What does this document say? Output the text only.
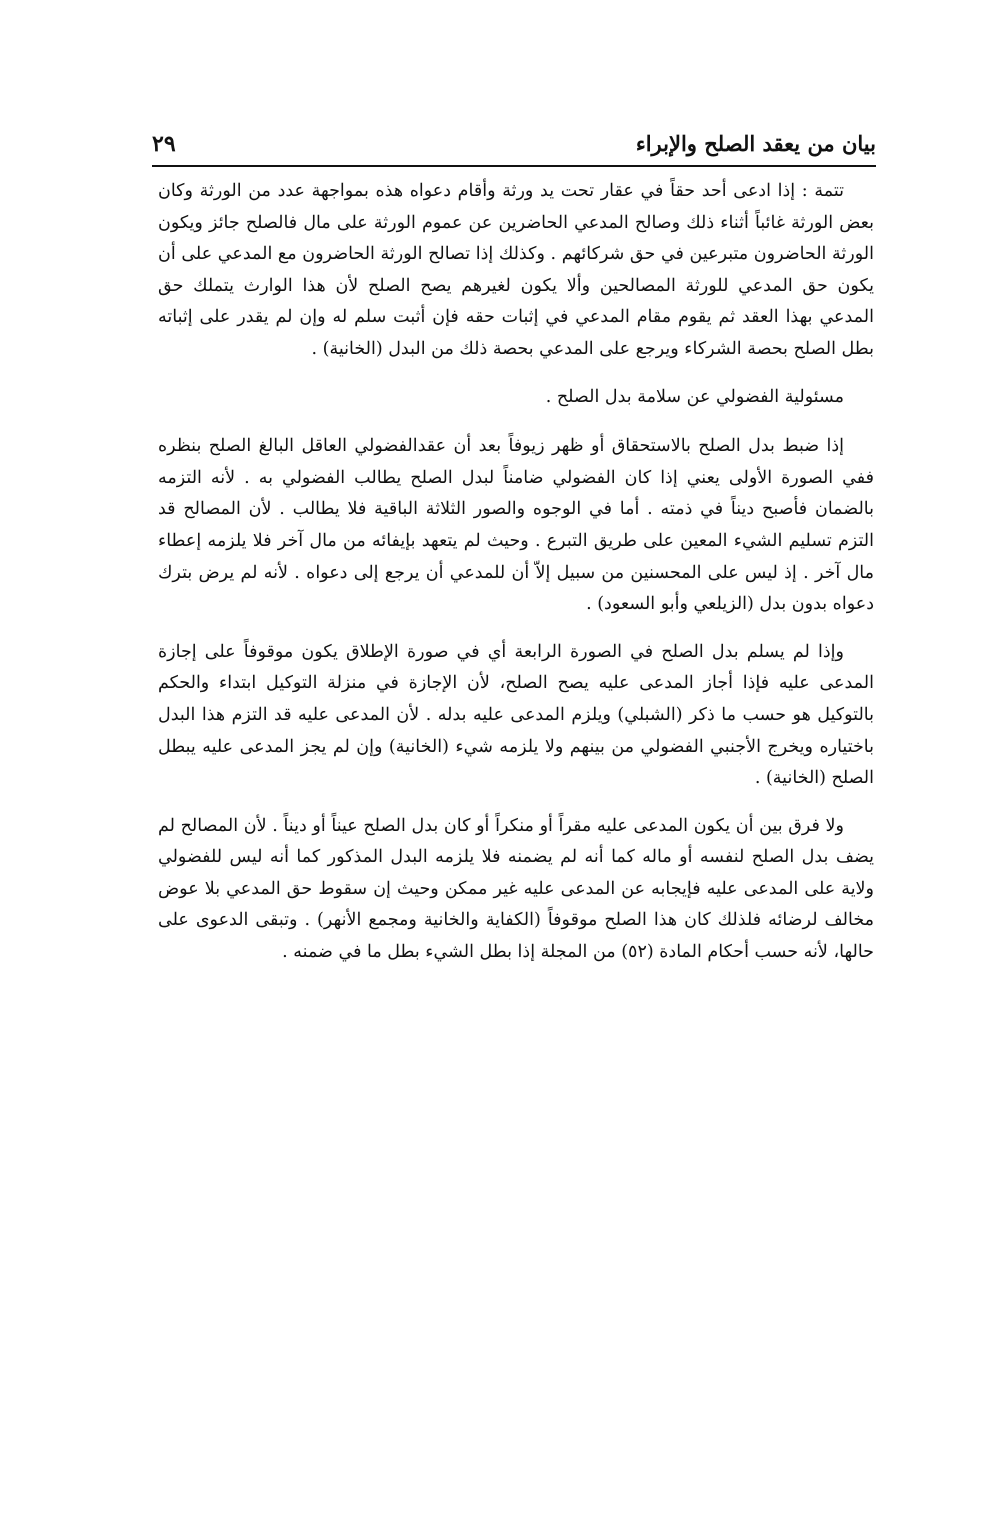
بيان من يعقد الصلح والإبراء
٢٩

تتمة : إذا ادعى أحد حقاً في عقار تحت يد ورثة وأقام دعواه هذه بمواجهة عدد من الورثة وكان بعض الورثة غائباً أثناء ذلك وصالح المدعي الحاضرين عن عموم الورثة على مال فالصلح جائز ويكون الورثة الحاضرون متبرعين في حق شركائهم . وكذلك إذا تصالح الورثة الحاضرون مع المدعي على أن يكون حق المدعي للورثة المصالحين وألا يكون لغيرهم يصح الصلح لأن هذا الوارث يتملك حق المدعي بهذا العقد ثم يقوم مقام المدعي في إثبات حقه فإن أثبت سلم له وإن لم يقدر على إثباته بطل الصلح بحصة الشركاء ويرجع على المدعي بحصة ذلك من البدل (الخانية) .

مسئولية الفضولي عن سلامة بدل الصلح .

إذا ضبط بدل الصلح بالاستحقاق أو ظهر زيوفاً بعد أن عقدالفضولي العاقل البالغ الصلح بنظره ففي الصورة الأولى يعني إذا كان الفضولي ضامناً لبدل الصلح يطالب الفضولي به . لأنه التزمه بالضمان فأصبح ديناً في ذمته . أما في الوجوه والصور الثلاثة الباقية فلا يطالب . لأن المصالح قد التزم تسليم الشيء المعين على طريق التبرع . وحيث لم يتعهد بإيفائه من مال آخر فلا يلزمه إعطاء مال آخر . إذ ليس على المحسنين من سبيل إلاّ أن للمدعي أن يرجع إلى دعواه . لأنه لم يرض بترك دعواه بدون بدل (الزيلعي وأبو السعود) .

وإذا لم يسلم بدل الصلح في الصورة الرابعة أي في صورة الإطلاق يكون موقوفاً على إجازة المدعى عليه فإذا أجاز المدعى عليه يصح الصلح، لأن الإجازة في منزلة التوكيل ابتداء والحكم بالتوكيل هو حسب ما ذكر (الشبلي) ويلزم المدعى عليه بدله . لأن المدعى عليه قد التزم هذا البدل باختياره ويخرج الأجنبي الفضولي من بينهم ولا يلزمه شيء (الخانية) وإن لم يجز المدعى عليه يبطل الصلح (الخانية) .

ولا فرق بين أن يكون المدعى عليه مقراً أو منكراً أو كان بدل الصلح عيناً أو ديناً . لأن المصالح لم يضف بدل الصلح لنفسه أو ماله كما أنه لم يضمنه فلا يلزمه البدل المذكور كما أنه ليس للفضولي ولاية على المدعى عليه فإيجابه عن المدعى عليه غير ممكن وحيث إن سقوط حق المدعي بلا عوض مخالف لرضائه فلذلك كان هذا الصلح موقوفاً (الكفاية والخانية ومجمع الأنهر) . وتبقى الدعوى على حالها، لأنه حسب أحكام المادة (٥٢) من المجلة إذا بطل الشيء بطل ما في ضمنه .
